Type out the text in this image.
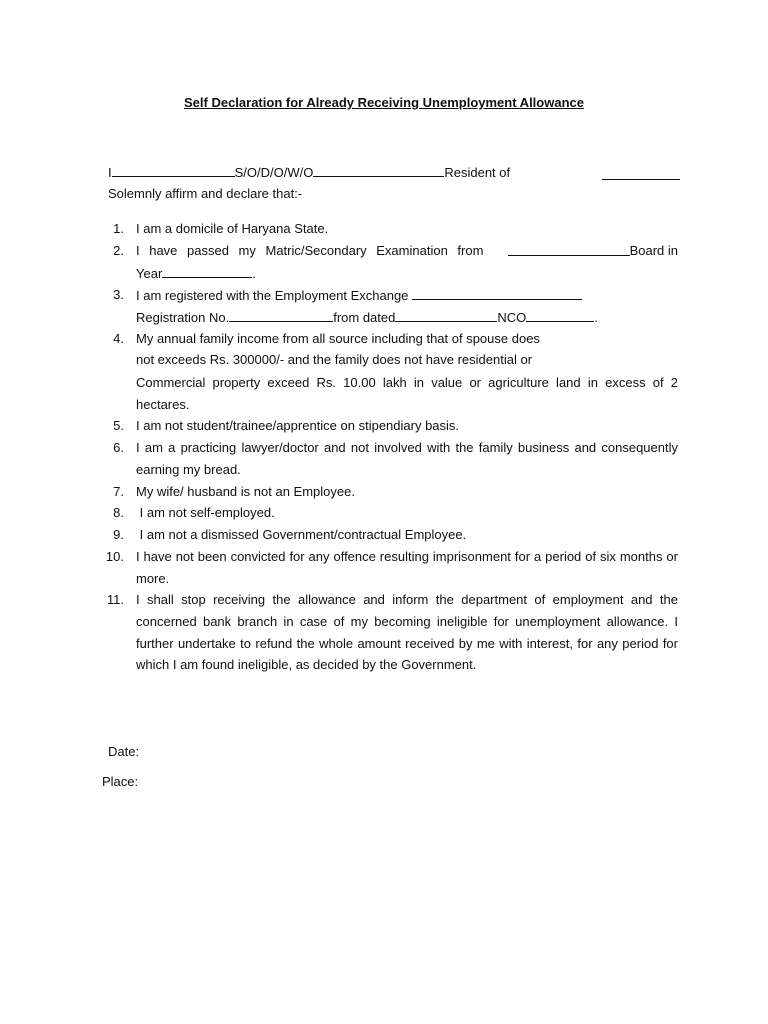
Self Declaration for Already Receiving Unemployment Allowance
I	S/O/D/O/W/O	Resident of
Solemnly affirm and declare that:-
1. I am a domicile of Haryana State.
2. I have passed my Matric/Secondary Examination from	Board in
Year	.
3. I am registered with the Employment Exchange
Registration No.	from dated	NCO	.
4. My annual family income from all source including that of spouse does
not exceeds Rs. 300000/- and the family does not have residential or
Commercial property exceed Rs. 10.00 lakh in value or agriculture land in excess of 2
hectares.
5. I am not student/trainee/apprentice on stipendiary basis.
6. I am a practicing lawyer/doctor and not involved with the family business and consequently earning my bread.
7. My wife/ husband is not an Employee.
8. I am not self-employed.
9. I am not a dismissed Government/contractual Employee.
10. I have not been convicted for any offence resulting imprisonment for a period of six months or more.
11. I shall stop receiving the allowance and inform the department of employment and the concerned bank branch in case of my becoming ineligible for unemployment allowance. I further undertake to refund the whole amount received by me with interest, for any period for which I am found ineligible, as decided by the Government.
Date:
Place:
